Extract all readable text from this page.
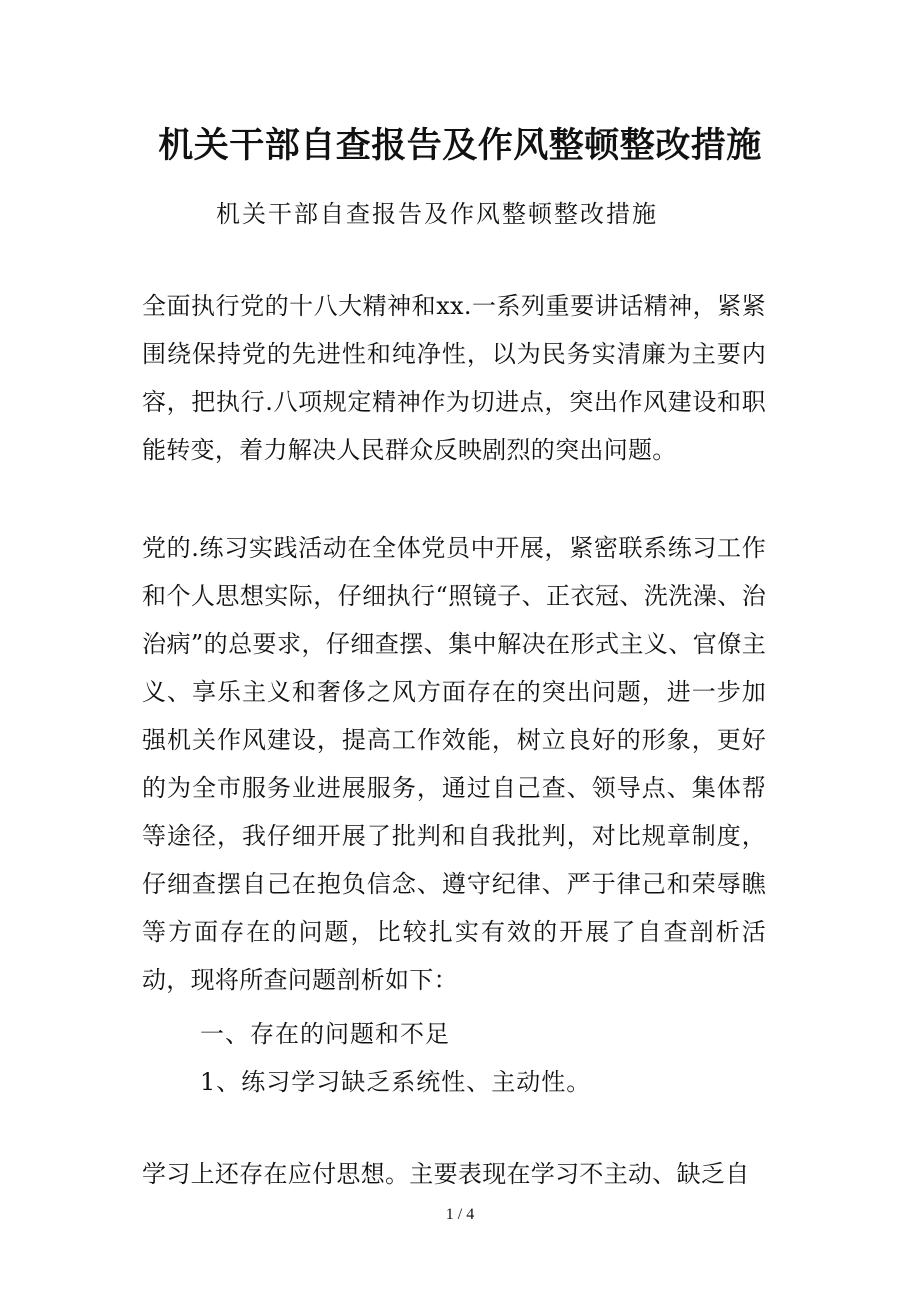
机关干部自查报告及作风整顿整改措施

机关干部自查报告及作风整顿整改措施

全面执行党的十八大精神和xx.一系列重要讲话精神，紧紧围绕保持党的先进性和纯净性，以为民务实清廉为主要内容，把执行.八项规定精神作为切进点，突出作风建设和职能转变，着力解决人民群众反映剧烈的突出问题。

党的.练习实践活动在全体党员中开展，紧密联系练习工作和个人思想实际，仔细执行“照镜子、正衣冠、洗洗澡、治治病”的总要求，仔细查摆、集中解决在形式主义、官僚主义、享乐主义和奢侈之风方面存在的突出问题，进一步加强机关作风建设，提高工作效能，树立良好的形象，更好的为全市服务业进展服务，通过自己查、领导点、集体帮等途径，我仔细开展了批判和自我批判，对比规章制度，仔细查摆自己在抱负信念、遵守纪律、严于律己和荣辱瞧等方面存在的问题，比较扎实有效的开展了自查剖析活动，现将所查问题剖析如下：

一、存在的问题和不足

1、练习学习缺乏系统性、主动性。

学习上还存在应付思想。主要表现在学习不主动、缺乏自

1 / 4
